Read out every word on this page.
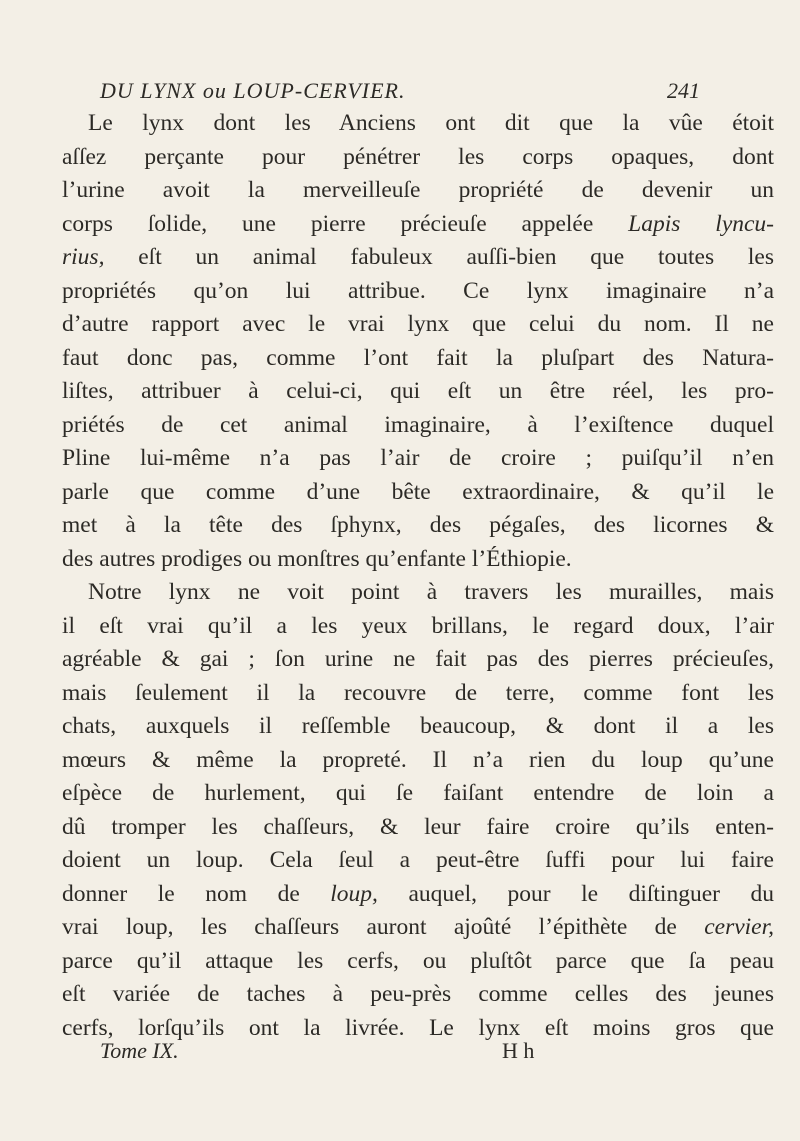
DU LYNX ou LOUP-CERVIER.	241
Le lynx dont les Anciens ont dit que la vûe étoit
aſſez perçante pour pénétrer les corps opaques, dont
l’urine avoit la merveilleuſe propriété de devenir un
corps ſolide, une pierre précieuſe appelée Lapis lyncu-
rius, eſt un animal fabuleux auſſi-bien que toutes les
propriétés qu’on lui attribue. Ce lynx imaginaire n’a
d’autre rapport avec le vrai lynx que celui du nom. Il ne
faut donc pas, comme l’ont fait la pluſpart des Natura-
liſtes, attribuer à celui-ci, qui eſt un être réel, les pro-
priétés de cet animal imaginaire, à l’exiſtence duquel
Pline lui-même n’a pas l’air de croire ; puiſqu’il n’en
parle que comme d’une bête extraordinaire, & qu’il le
met à la tête des ſphynx, des pégaſes, des licornes &
des autres prodiges ou monſtres qu’enfante l’Éthiopie.
Notre lynx ne voit point à travers les murailles, mais
il eſt vrai qu’il a les yeux brillans, le regard doux, l’air
agréable & gai ; ſon urine ne fait pas des pierres précieuſes,
mais ſeulement il la recouvre de terre, comme font les
chats, auxquels il reſſemble beaucoup, & dont il a les
mœurs & même la propreté. Il n’a rien du loup qu’une
eſpèce de hurlement, qui ſe faiſant entendre de loin a
dû tromper les chaſſeurs, & leur faire croire qu’ils enten-
doient un loup. Cela ſeul a peut-être ſuffi pour lui faire
donner le nom de loup, auquel, pour le diſtinguer du
vrai loup, les chaſſeurs auront ajoûté l’épithète de cervier,
parce qu’il attaque les cerfs, ou pluſtôt parce que ſa peau
eſt variée de taches à peu-près comme celles des jeunes
cerfs, lorſqu’ils ont la livrée. Le lynx eſt moins gros que
Tome IX.	H h
